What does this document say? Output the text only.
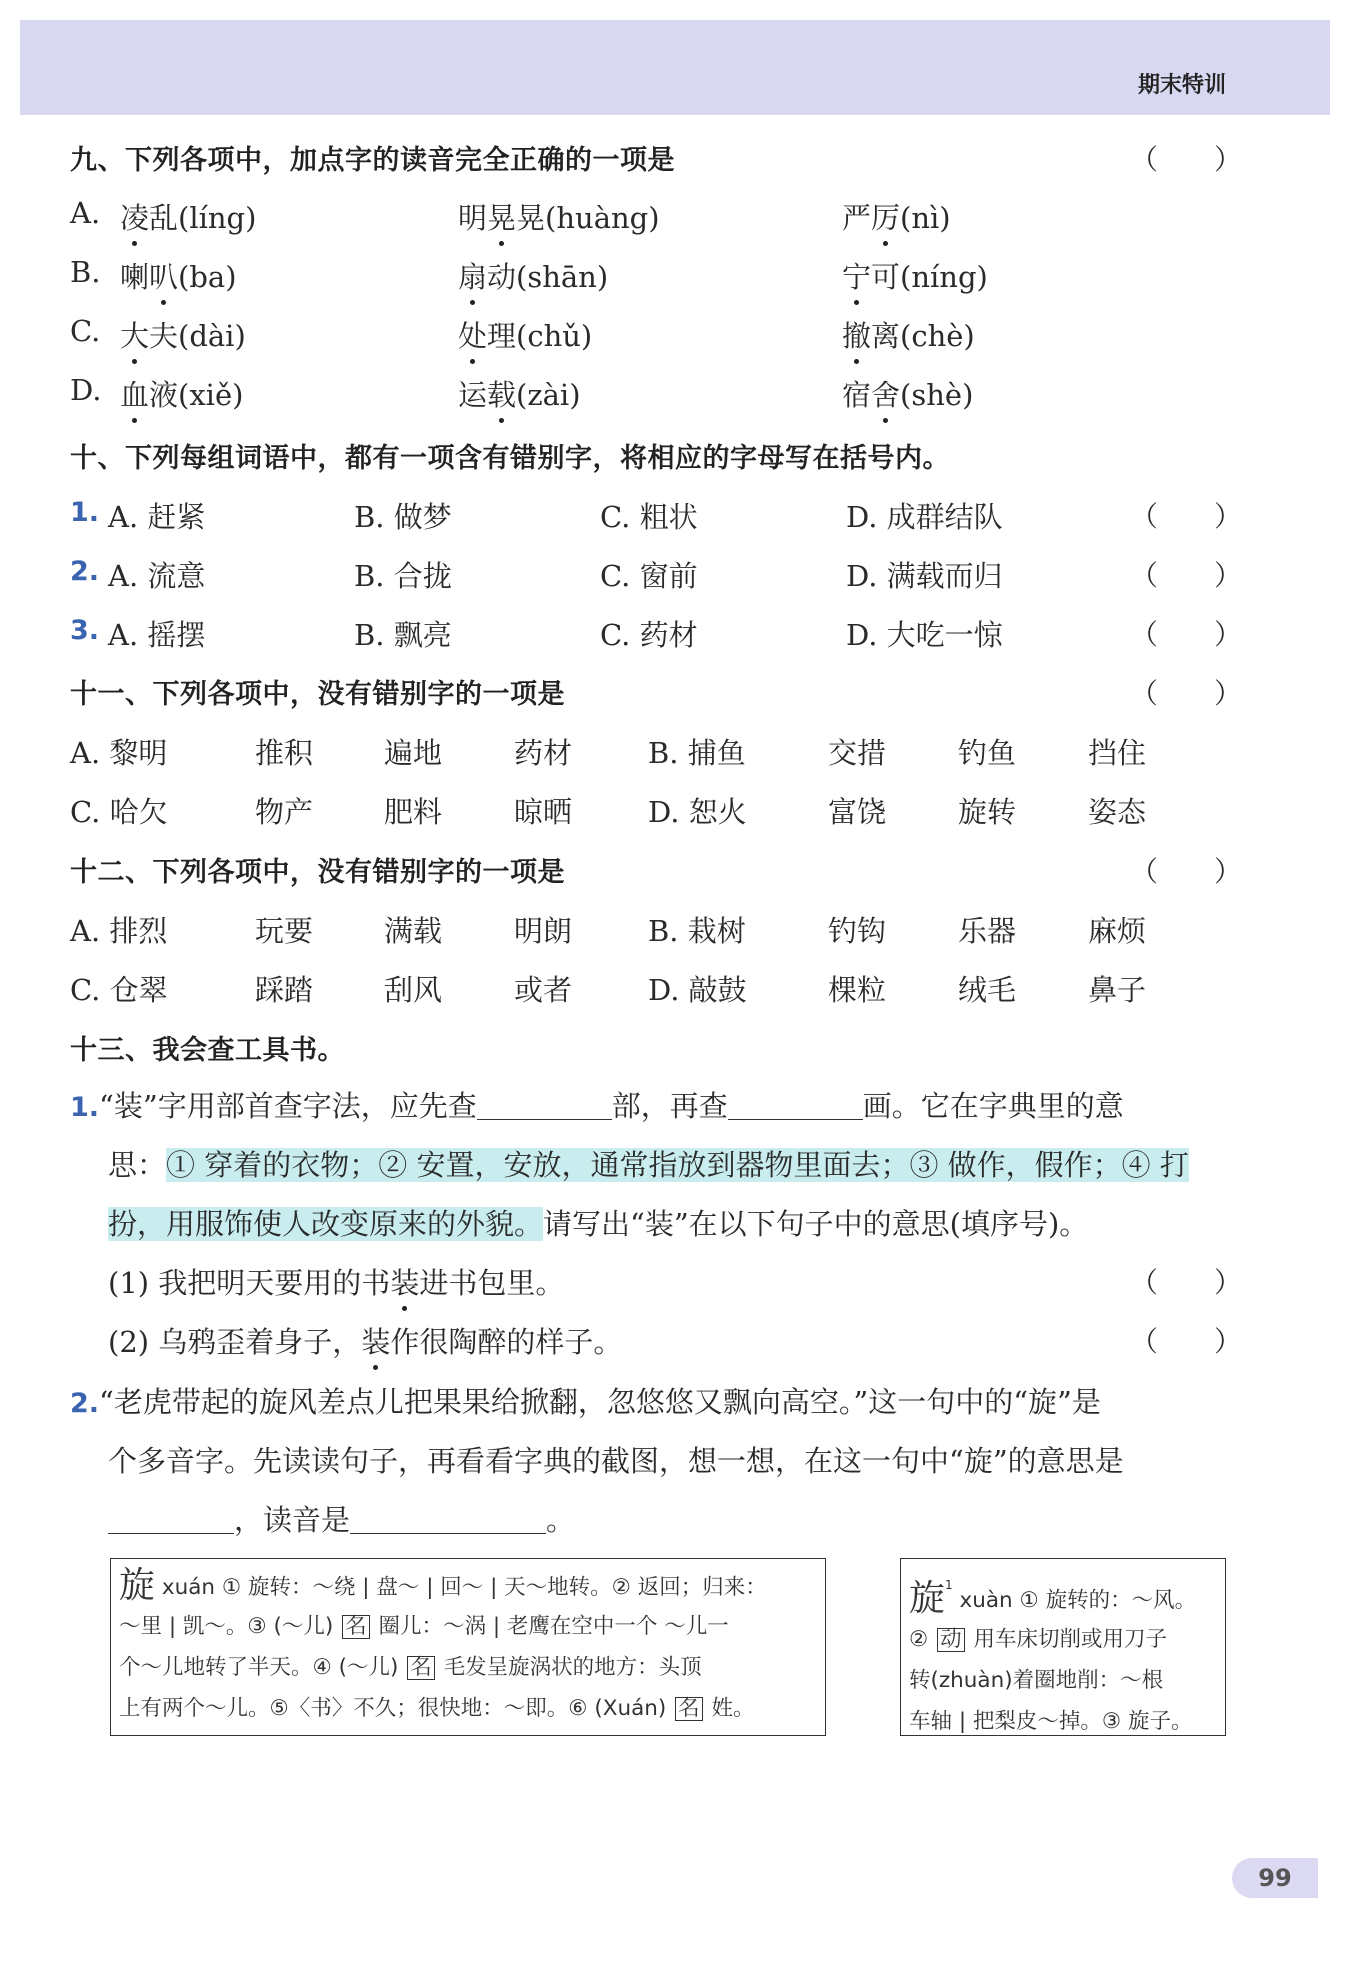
期末特训
九、下列各项中，加点字的读音完全正确的一项是	（　　）
十、下列每组词语中，都有一项含有错别字，将相应的字母写在括号内。
十一、下列各项中，没有错别字的一项是	（　　）
十二、下列各项中，没有错别字的一项是	（　　）
十三、我会查工具书。
1.“装”字用部首查字法，应先查	部，再查	画。它在字典里的意
思：① 穿着的衣物；② 安置，安放，通常指放到器物里面去；③ 做作，假作；④ 打
扮，用服饰使人改变原来的外貌。请写出“装”在以下句子中的意思(填序号)。
(1) 我把明天要用的书装进书包里。	（　　）
(2) 乌鸦歪着身子，装作很陶醉的样子。	（　　）
2.“老虎带起的旋风差点儿把果果给掀翻，忽悠悠又飘向高空。”这一句中的“旋”是
个多音字。先读读句子，再看看字典的截图，想一想，在这一句中“旋”的意思是
，读音是	。
旋 xuán ① 旋转：～绕 | 盘～ | 回～ | 天～地转。② 返回；归来：
～里 | 凯～。③ (～儿) 名 圈儿：～涡 | 老鹰在空中一个 ～儿一
个～儿地转了半天。④ (～儿) 名 毛发呈旋涡状的地方：头顶
上有两个～儿。⑤〈书〉不久；很快地：～即。⑥ (Xuán) 名 姓。
旋$^1$ xuàn ① 旋转的：～风。
② 动 用车床切削或用刀子
转(zhuàn)着圈地削：～根
车轴 | 把梨皮～掉。③ 旋子。
99
A. 凌乱(líng)	明晃晃(huàng)	严厉(nì)
B. 喇叭(ba)	扇动(shān)	宁可(níng)
C. 大夫(dài)	处理(chǔ)	撤离(chè)
D. 血液(xiě)	运载(zài)	宿舍(shè)
1. A. 赶紧	B. 做梦	C. 粗状	D. 成群结队	（　　）
2. A. 流意	B. 合拢	C. 窗前	D. 满载而归	（　　）
3. A. 摇摆	B. 飘亮	C. 药材	D. 大吃一惊	（　　）
A. 黎明	推积 遍地 药材	B. 捕鱼	交措 钓鱼 挡住
C. 哈欠	物产 肥料 晾晒	D. 恕火	富饶 旋转 姿态
A. 排烈	玩要 满载 明朗	B. 栽树	钓钩 乐器 麻烦
C. 仓翠	踩踏 刮风 或者	D. 敲鼓	棵粒 绒毛 鼻子
